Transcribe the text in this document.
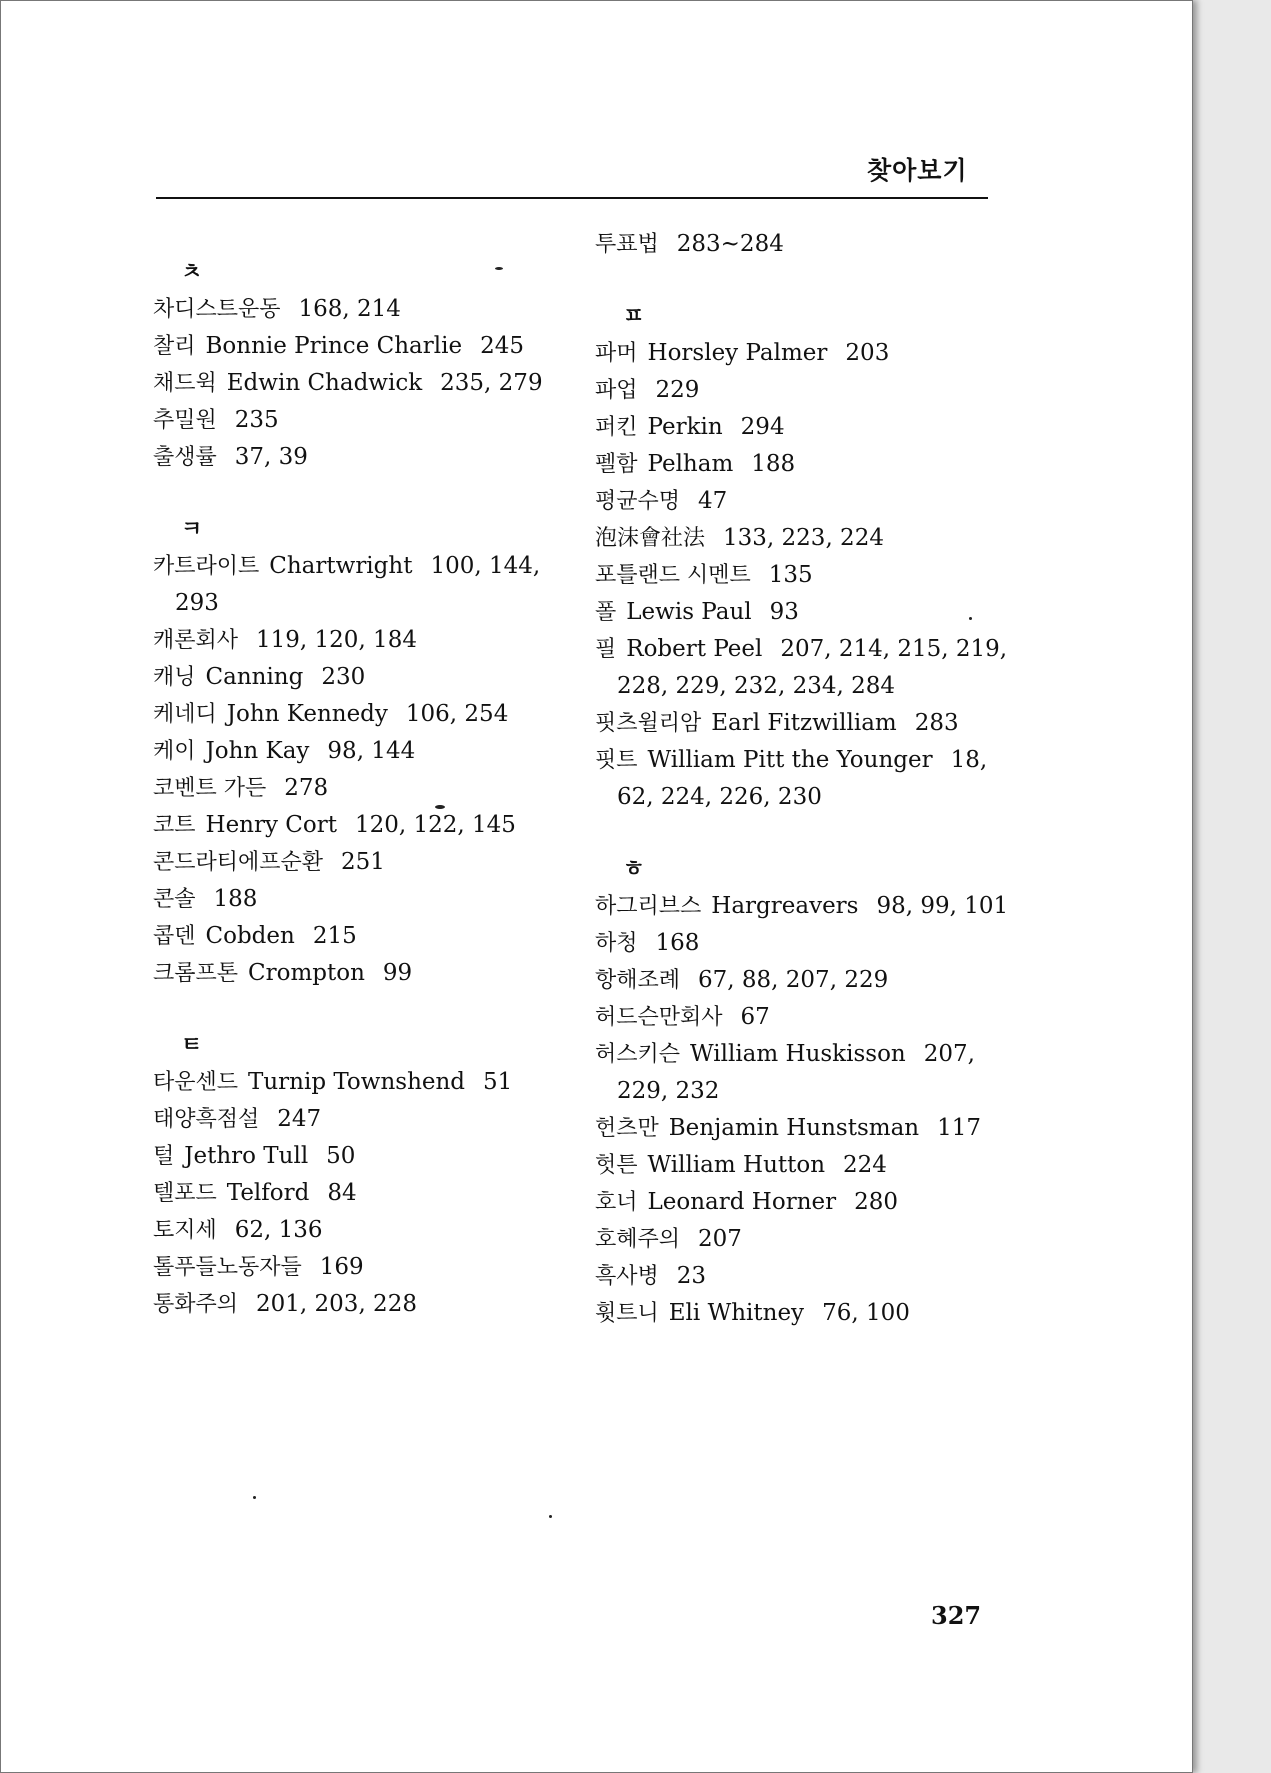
찾아보기
ㅊ
차디스트운동 168, 214
찰리 Bonnie Prince Charlie 245
채드윅 Edwin Chadwick 235, 279
추밀원 235
출생률 37, 39
ㅋ
카트라이트 Chartwright 100, 144,
293
캐론회사 119, 120, 184
캐닝 Canning 230
케네디 John Kennedy 106, 254
케이 John Kay 98, 144
코벤트 가든 278
코트 Henry Cort 120, 122, 145
콘드라티에프순환 251
콘솔 188
콥덴 Cobden 215
크롬프톤 Crompton 99
ㅌ
타운센드 Turnip Townshend 51
태양흑점설 247
털 Jethro Tull 50
텔포드 Telford 84
토지세 62, 136
톨푸들노동자들 169
통화주의 201, 203, 228
투표법 283~284
ㅍ
파머 Horsley Palmer 203
파업 229
퍼킨 Perkin 294
펠함 Pelham 188
평균수명 47
泡沫會社法 133, 223, 224
포틀랜드 시멘트 135
폴 Lewis Paul 93
필 Robert Peel 207, 214, 215, 219,
228, 229, 232, 234, 284
핏츠윌리암 Earl Fitzwilliam 283
핏트 William Pitt the Younger 18,
62, 224, 226, 230
ㅎ
하그리브스 Hargreavers 98, 99, 101
하청 168
항해조례 67, 88, 207, 229
허드슨만회사 67
허스키슨 William Huskisson 207,
229, 232
헌츠만 Benjamin Hunstsman 117
헛튼 William Hutton 224
호너 Leonard Horner 280
호혜주의 207
흑사병 23
휫트니 Eli Whitney 76, 100
327
